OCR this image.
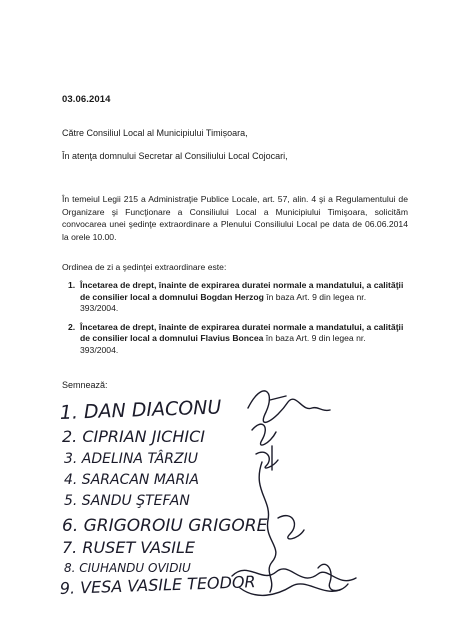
03.06.2014
Către Consiliul Local al Municipiului Timișoara,
În atenţa domnului Secretar al Consiliului Local Cojocari,
În temeiul Legii 215 a Administraţie Publice Locale, art. 57, alin. 4 şi a Regulamentului de Organizare şi Funcţionare a Consiliului Local a Municipiului Timişoara, solicităm convocarea unei şedinţe extraordinare a Plenului Consiliului Local pe data de 06.06.2014 la orele 10.00.
Ordinea de zi a şedinţei extraordinare este:
1. Încetarea de drept, înainte de expirarea duratei normale a mandatului, a calităţii de consilier local a domnului Bogdan Herzog în baza Art. 9 din legea nr. 393/2004.
2. Încetarea de drept, înainte de expirarea duratei normale a mandatului, a calităţii de consilier local a domnului Flavius Boncea în baza Art. 9 din legea nr. 393/2004.
Semnează:
1. DAN DIACONU
2. CIPRIAN JICHICI
3. ADELINA TÂRZIU
4. SARACAN MARIA
5. SANDU ŞTEFAN
6. GRIGOROIU GRIGORE
7. RUSET VASILE
8. CIUHANDU OVIDIU
9. VESA VASILE TEODOR
